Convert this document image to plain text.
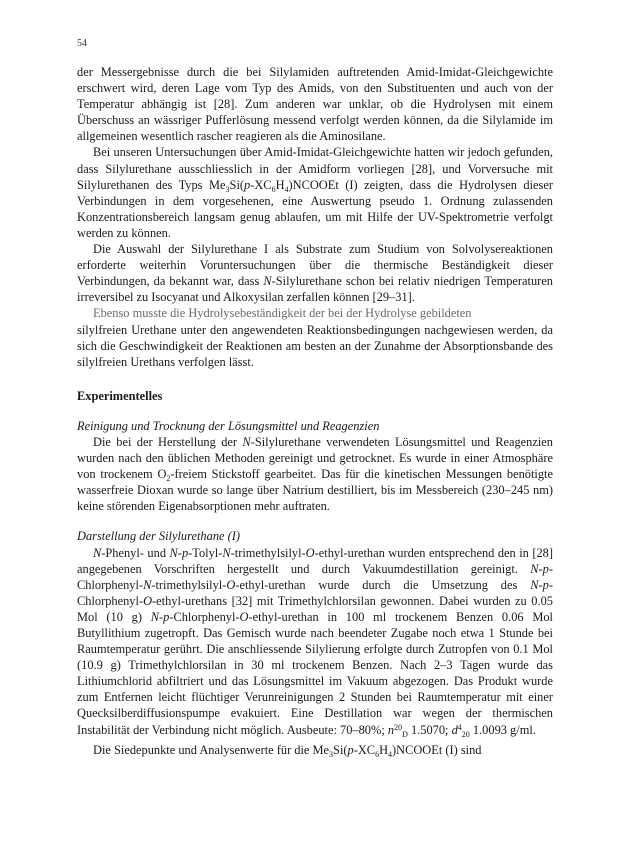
54

der Messergebnisse durch die bei Silylamiden auftretenden Amid-Imidat-Gleichgewichte erschwert wird, deren Lage vom Typ des Amids, von den Substituenten und auch von der Temperatur abhängig ist [28]. Zum anderen war unklar, ob die Hydrolysen mit einem Überschuss an wässriger Pufferlösung messend verfolgt werden können, da die Silylamide im allgemeinen wesentlich rascher reagieren als die Aminosilane.

Bei unseren Untersuchungen über Amid-Imidat-Gleichgewichte hatten wir jedoch gefunden, dass Silylurethane ausschliesslich in der Amidform vorliegen [28], und Vorversuche mit Silylurethanen des Typs $Me_3Si(p-XC_6H_4)NCOOEt$ (I) zeigten, dass die Hydrolysen dieser Verbindungen in dem vorgesehenen, eine Auswertung pseudo 1. Ordnung zulassenden Konzentrationsbereich langsam genug ablaufen, um mit Hilfe der UV-Spektrometrie verfolgt werden zu können.

Die Auswahl der Silylurethane I als Substrate zum Studium von Solvolysereaktionen erforderte weiterhin Voruntersuchungen über die thermische Beständigkeit dieser Verbindungen, da bekannt war, dass N-Silylurethane schon bei relativ niedrigen Temperaturen irreversibel zu Isocyanat und Alkoxysilan zerfallen können [29–31].

Ebenso musste die Hydrolysebeständigkeit der bei der Hydrolyse gebildeten
silylfreien Urethane unter den angewendeten Reaktionsbedingungen nachgewiesen werden, da sich die Geschwindigkeit der Reaktionen am besten an der Zunahme der Absorptionsbande des silylfreien Urethans verfolgen lässt.

Experimentelles

Reinigung und Trocknung der Lösungsmittel und Reagenzien

Die bei der Herstellung der N-Silylurethane verwendeten Lösungsmittel und Reagenzien wurden nach den üblichen Methoden gereinigt und getrocknet. Es wurde in einer Atmosphäre von trockenem $O_2$-freiem Stickstoff gearbeitet. Das für die kinetischen Messungen benötigte wasserfreie Dioxan wurde so lange über Natrium destilliert, bis im Messbereich (230–245 nm) keine störenden Eigenabsorptionen mehr auftraten.

Darstellung der Silylurethane (I)

N-Phenyl- und N-p-Tolyl-N-trimethylsilyl-O-ethyl-urethan wurden entsprechend den in [28] angegebenen Vorschriften hergestellt und durch Vakuumdestillation gereinigt. N-p-Chlorphenyl-N-trimethylsilyl-O-ethyl-urethan wurde durch die Umsetzung des N-p-Chlorphenyl-O-ethyl-urethans [32] mit Trimethylchlorsilan gewonnen. Dabei wurden zu 0.05 Mol (10 g) N-p-Chlorphenyl-O-ethyl-urethan in 100 ml trockenem Benzen 0.06 Mol Butyllithium zugetropft. Das Gemisch wurde nach beendeter Zugabe noch etwa 1 Stunde bei Raumtemperatur gerührt. Die anschliessende Silylierung erfolgte durch Zutropfen von 0.1 Mol (10.9 g) Trimethylchlorsilan in 30 ml trockenem Benzen. Nach 2–3 Tagen wurde das Lithiumchlorid abfiltriert und das Lösungsmittel im Vakuum abgezogen. Das Produkt wurde zum Entfernen leicht flüchtiger Verunreinigungen 2 Stunden bei Raumtemperatur mit einer Quecksilberdiffusionspumpe evakuiert. Eine Destillation war wegen der thermischen Instabilität der Verbindung nicht möglich. Ausbeute: 70–80%; $n^{20}_D$ 1.5070; $d^4_{20}$ 1.0093 g/ml.

Die Siedepunkte und Analysenwerte für die $Me_3Si(p-XC_6H_4)NCOOEt$ (I) sind
